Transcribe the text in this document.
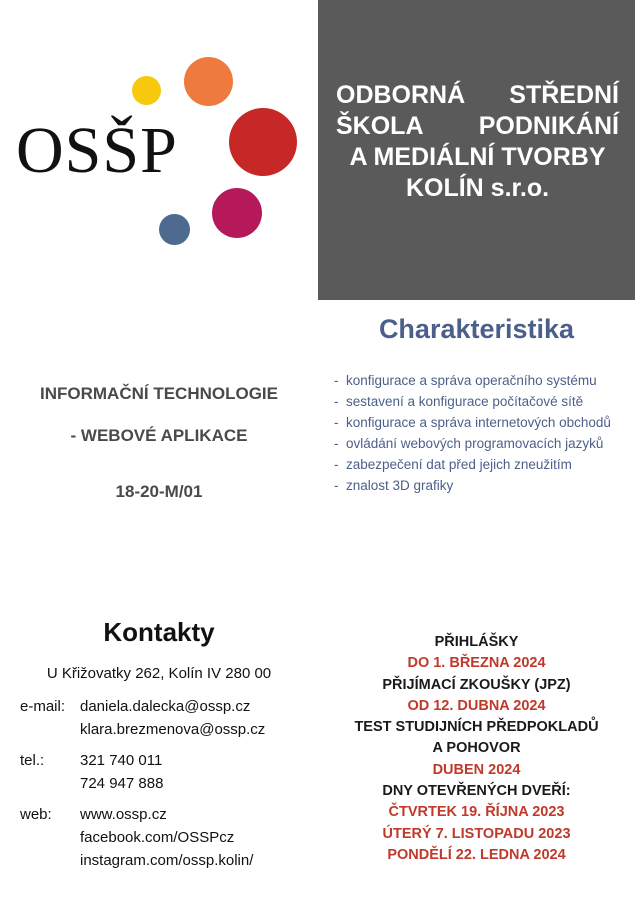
OSŠP
ODBORNÁ STŘEDNÍ
ŠKOLA PODNIKÁNÍ
A MEDIÁLNÍ TVORBY
KOLÍN s.r.o.
Charakteristika
- konfigurace a správa operačního systému
- sestavení a konfigurace počítačové sítě
- konfigurace a správa internetových obchodů
- ovládání webových programovacích jazyků
- zabezpečení dat před jejich zneužitím
- znalost 3D grafiky
INFORMAČNÍ TECHNOLOGIE
- WEBOVÉ APLIKACE
18-20-M/01
Kontakty
U Křižovatky 262, Kolín IV 280 00
e-mail: daniela.dalecka@ossp.cz
klara.brezmenova@ossp.cz
tel.:	321 740 011
724 947 888
web:	www.ossp.cz
facebook.com/OSSPcz
instagram.com/ossp.kolin/
PŘIHLÁŠKY
DO 1. BŘEZNA 2024
PŘIJÍMACÍ ZKOUŠKY (JPZ)
OD 12. DUBNA 2024
TEST STUDIJNÍCH PŘEDPOKLADŮ
A POHOVOR
DUBEN 2024
DNY OTEVŘENÝCH DVEŘÍ:
ČTVRTEK 19. ŘÍJNA 2023
ÚTERÝ 7. LISTOPADU 2023
PONDĚLÍ 22. LEDNA 2024
